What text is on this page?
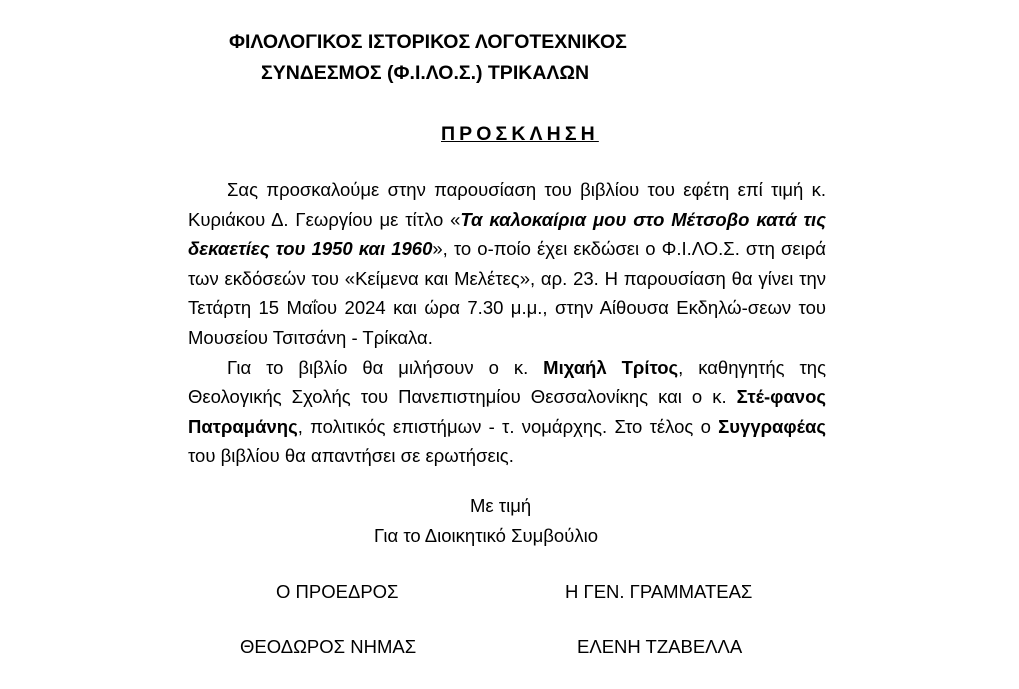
ΦΙΛΟΛΟΓΙΚΟΣ ΙΣΤΟΡΙΚΟΣ ΛΟΓΟΤΕΧΝΙΚΟΣ
ΣΥΝΔΕΣΜΟΣ (Φ.Ι.ΛΟ.Σ.) ΤΡΙΚΑΛΩΝ
ΠΡΟΣΚΛΗΣΗ

Σας προσκαλούμε στην παρουσίαση του βιβλίου του εφέτη επί τιμή κ. Κυριάκου Δ. Γεωργίου με τίτλο «Τα καλοκαίρια μου στο Μέτσοβο κατά τις δεκαετίες του 1950 και 1960», το ο-ποίο έχει εκδώσει ο Φ.Ι.ΛΟ.Σ. στη σειρά των εκδόσεών του «Κείμενα και Μελέτες», αρ. 23. Η παρουσίαση θα γίνει την Τετάρτη 15 Μαΐου 2024 και ώρα 7.30 μ.μ., στην Αίθουσα Εκδηλώ-σεων του Μουσείου Τσιτσάνη - Τρίκαλα.

Για το βιβλίο θα μιλήσουν ο κ. Μιχαήλ Τρίτος, καθηγητής της Θεολογικής Σχολής του Πανεπιστημίου Θεσσαλονίκης και ο κ. Στέ-φανος Πατραμάνης, πολιτικός επιστήμων - τ. νομάρχης. Στο τέλος ο Συγγραφέας του βιβλίου θα απαντήσει σε ερωτήσεις.

Με τιμή
Για το Διοικητικό Συμβούλιο
Ο ΠΡΟΕΔΡΟΣ	Η ΓΕΝ. ΓΡΑΜΜΑΤΕΑΣ
ΘΕΟΔΩΡΟΣ ΝΗΜΑΣ	ΕΛΕΝΗ ΤΖΑΒΕΛΛΑ
